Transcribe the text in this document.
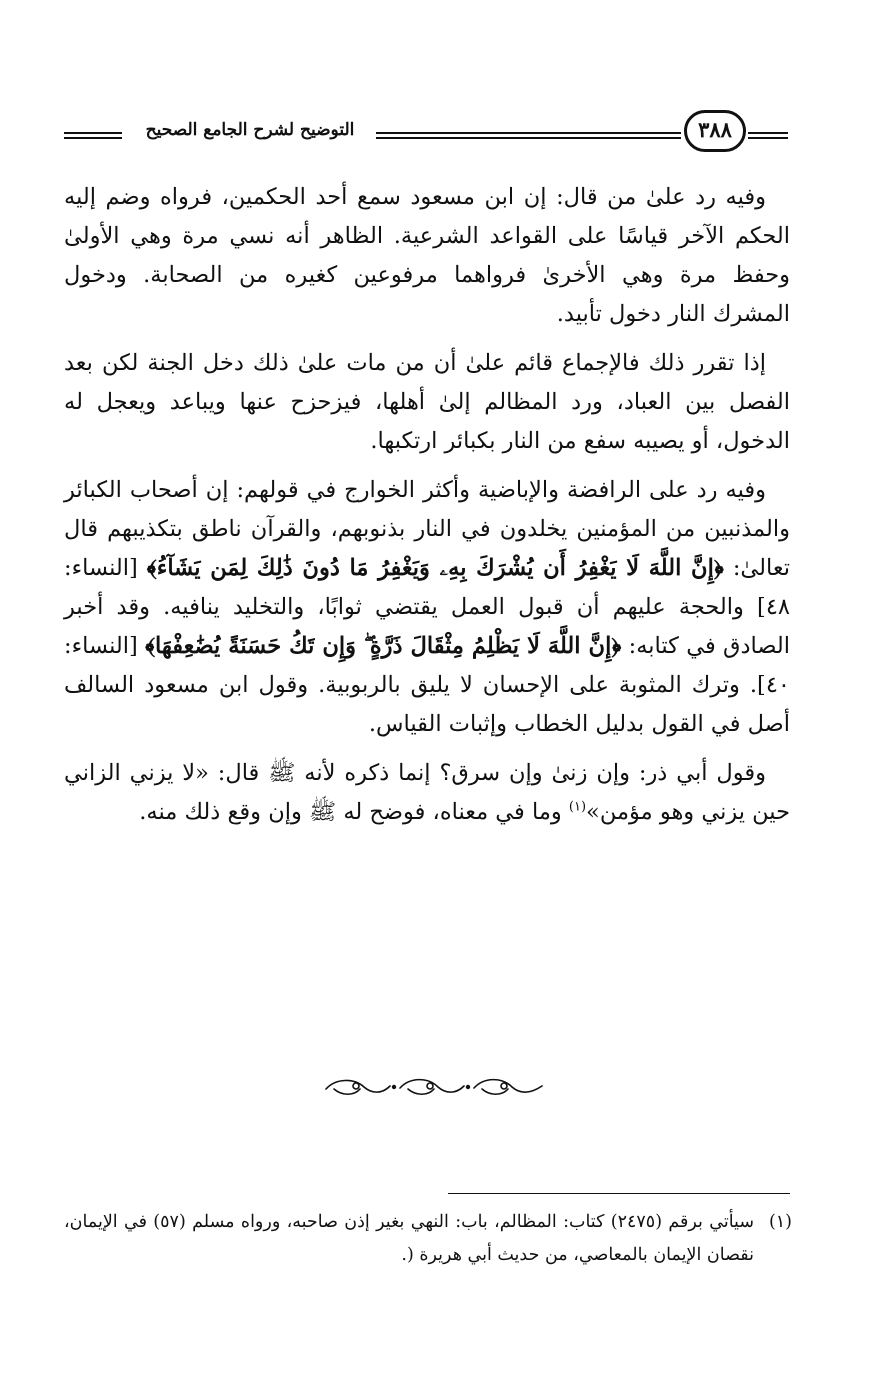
التوضيح لشرح الجامع الصحيح	٣٨٨

وفيه رد علىٰ من قال: إن ابن مسعود سمع أحد الحكمين، فرواه وضم إليه الحكم الآخر قياسًا على القواعد الشرعية. الظاهر أنه نسي مرة وهي الأولىٰ وحفظ مرة وهي الأخرىٰ فرواهما مرفوعين كغيره من الصحابة. ودخول المشرك النار دخول تأبيد.

إذا تقرر ذلك فالإجماع قائم علىٰ أن من مات علىٰ ذلك دخل الجنة لكن بعد الفصل بين العباد، ورد المظالم إلىٰ أهلها، فيزحزح عنها ويباعد ويعجل له الدخول، أو يصيبه سفع من النار بكبائر ارتكبها.

وفيه رد على الرافضة والإباضية وأكثر الخوارج في قولهم: إن أصحاب الكبائر والمذنبين من المؤمنين يخلدون في النار بذنوبهم، والقرآن ناطق بتكذيبهم قال تعالىٰ: ﴿إِنَّ اللَّهَ لَا يَغْفِرُ أَن يُشْرَكَ بِهِۦ وَيَغْفِرُ مَا دُونَ ذَٰلِكَ لِمَن يَشَآءُ﴾ [النساء: ٤٨] والحجة عليهم أن قبول العمل يقتضي ثوابًا، والتخليد ينافيه. وقد أخبر الصادق في كتابه: ﴿إِنَّ اللَّهَ لَا يَظْلِمُ مِثْقَالَ ذَرَّةٍ ۖ وَإِن تَكُ حَسَنَةً يُضَٰعِفْهَا﴾ [النساء: ٤٠]. وترك المثوبة على الإحسان لا يليق بالربوبية. وقول ابن مسعود السالف أصل في القول بدليل الخطاب وإثبات القياس.

وقول أبي ذر: وإن زنىٰ وإن سرق؟ إنما ذكره لأنه ﷺ قال: «لا يزني الزاني حين يزني وهو مؤمن»$^{(١)}$ وما في معناه، فوضح له ﷺ وإن وقع ذلك منه.

(١)
سيأتي برقم (٢٤٧٥) كتاب: المظالم، باب: النهي بغير إذن صاحبه، ورواه مسلم (٥٧) في الإيمان، نقصان الإيمان بالمعاصي، من حديث أبي هريرة (.
